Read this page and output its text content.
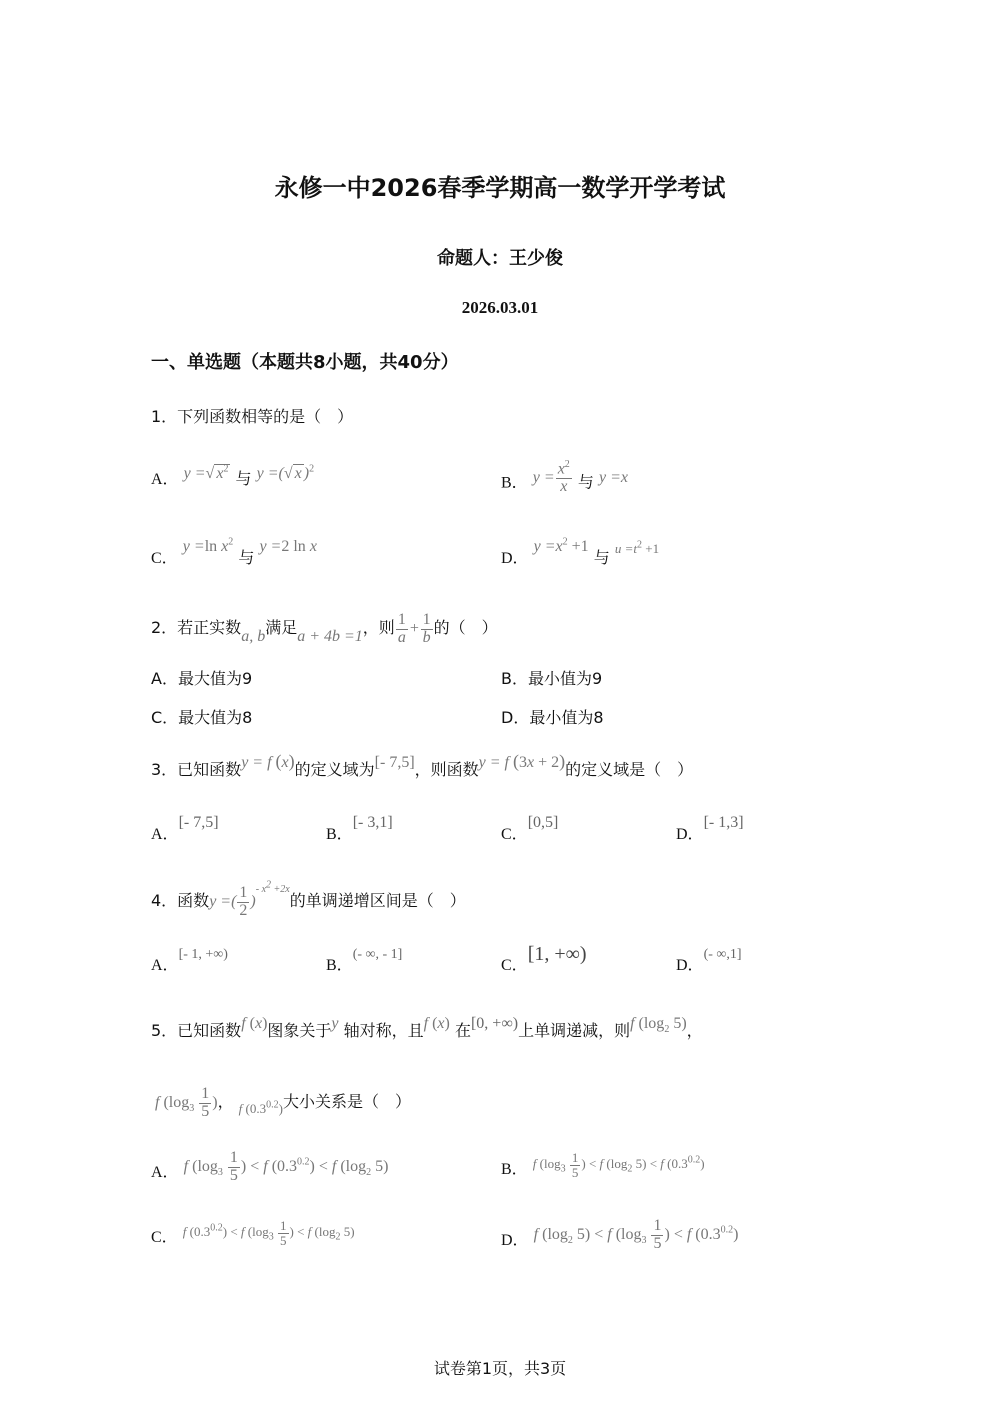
永修一中2026春季学期高一数学开学考试
命题人：王少俊
2026.03.01
一、单选题（本题共8小题，共40分）
1．下列函数相等的是（　）
A． y =√ $x^2$ 与 y =(√ x )$^2$
B． $y = \frac{x^2}{x}$ 与 y =x
C． y =ln $x^2$ 与 y =2 ln x
D． $y =x^2 +1$ 与 $^{u =t^2 +1}$
2．若正实数a, b满足a + 4b =1，则 $\frac{1}{a} + \frac{1}{b}$ 的（　）
A．最大值为9	B．最小值为9
C．最大值为8	D．最小值为8
3．已知函数y = f (x)的定义域为[- 7,5]，则函数y = f (3x + 2)的定义域是（　）
A．[- 7,5]
B．[- 3,1]
C．[0,5]
D．[- 1,3]
4．函数y =( $\frac{1}{2} )^{- x^2 +2x}$的单调递增区间是（　）
A．[- 1, +∞)
B．(- ∞, - 1]
C．[1, +∞)
D．(- ∞,1]
5．已知函数f (x)图象关于y 轴对称，且f (x) 在[0, +∞)上单调递减，则f ($\log_2$ 5)，
f ($\log_3 \frac{1}{5}$ )， $_{f (0.3^{0.2})}$大小关系是（　）
A． f ($\log_3 \frac{1}{5}$ ) < f $(0.3^{0.2}) < f$ ($\log_2$ 5)	B． $^{f (log_3 \frac{1}{5} ) < f (log_2 5) < f (0.3^{0.2})}$
C． $^{f (0.3^{0.2}) < f (log_3 \frac{1}{5} ) < f (log_2 5)}$
D． f ($\log_2$ 5) < f ($\log_3 \frac{1}{5}$ ) < f $(0.3^{0.2})$
试卷第1页，共3页
